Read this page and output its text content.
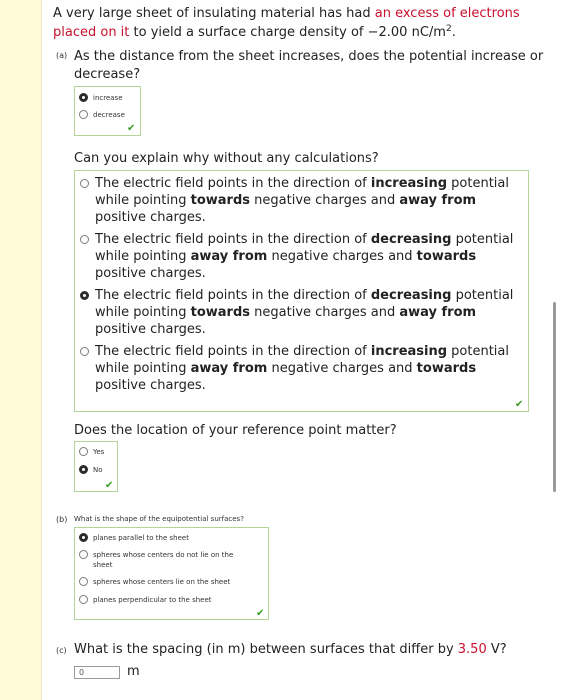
A very large sheet of insulating material has had an excess of electrons placed on it to yield a surface charge density of −2.00 $nC/m^2$.
(a) As the distance from the sheet increases, does the potential increase or decrease?
increase
decrease
✔
Can you explain why without any calculations?
The electric field points in the direction of increasing potential while pointing towards negative charges and away from positive charges.
The electric field points in the direction of decreasing potential while pointing away from negative charges and towards positive charges.
The electric field points in the direction of decreasing potential while pointing towards negative charges and away from positive charges.
The electric field points in the direction of increasing potential while pointing away from negative charges and towards positive charges.
✔
Does the location of your reference point matter?
Yes
No
✔
(b) What is the shape of the equipotential surfaces?
planes parallel to the sheet
spheres whose centers do not lie on the sheet
spheres whose centers lie on the sheet
planes perpendicular to the sheet
✔
(c) What is the spacing (in m) between surfaces that differ by 3.50 V?
0	m
